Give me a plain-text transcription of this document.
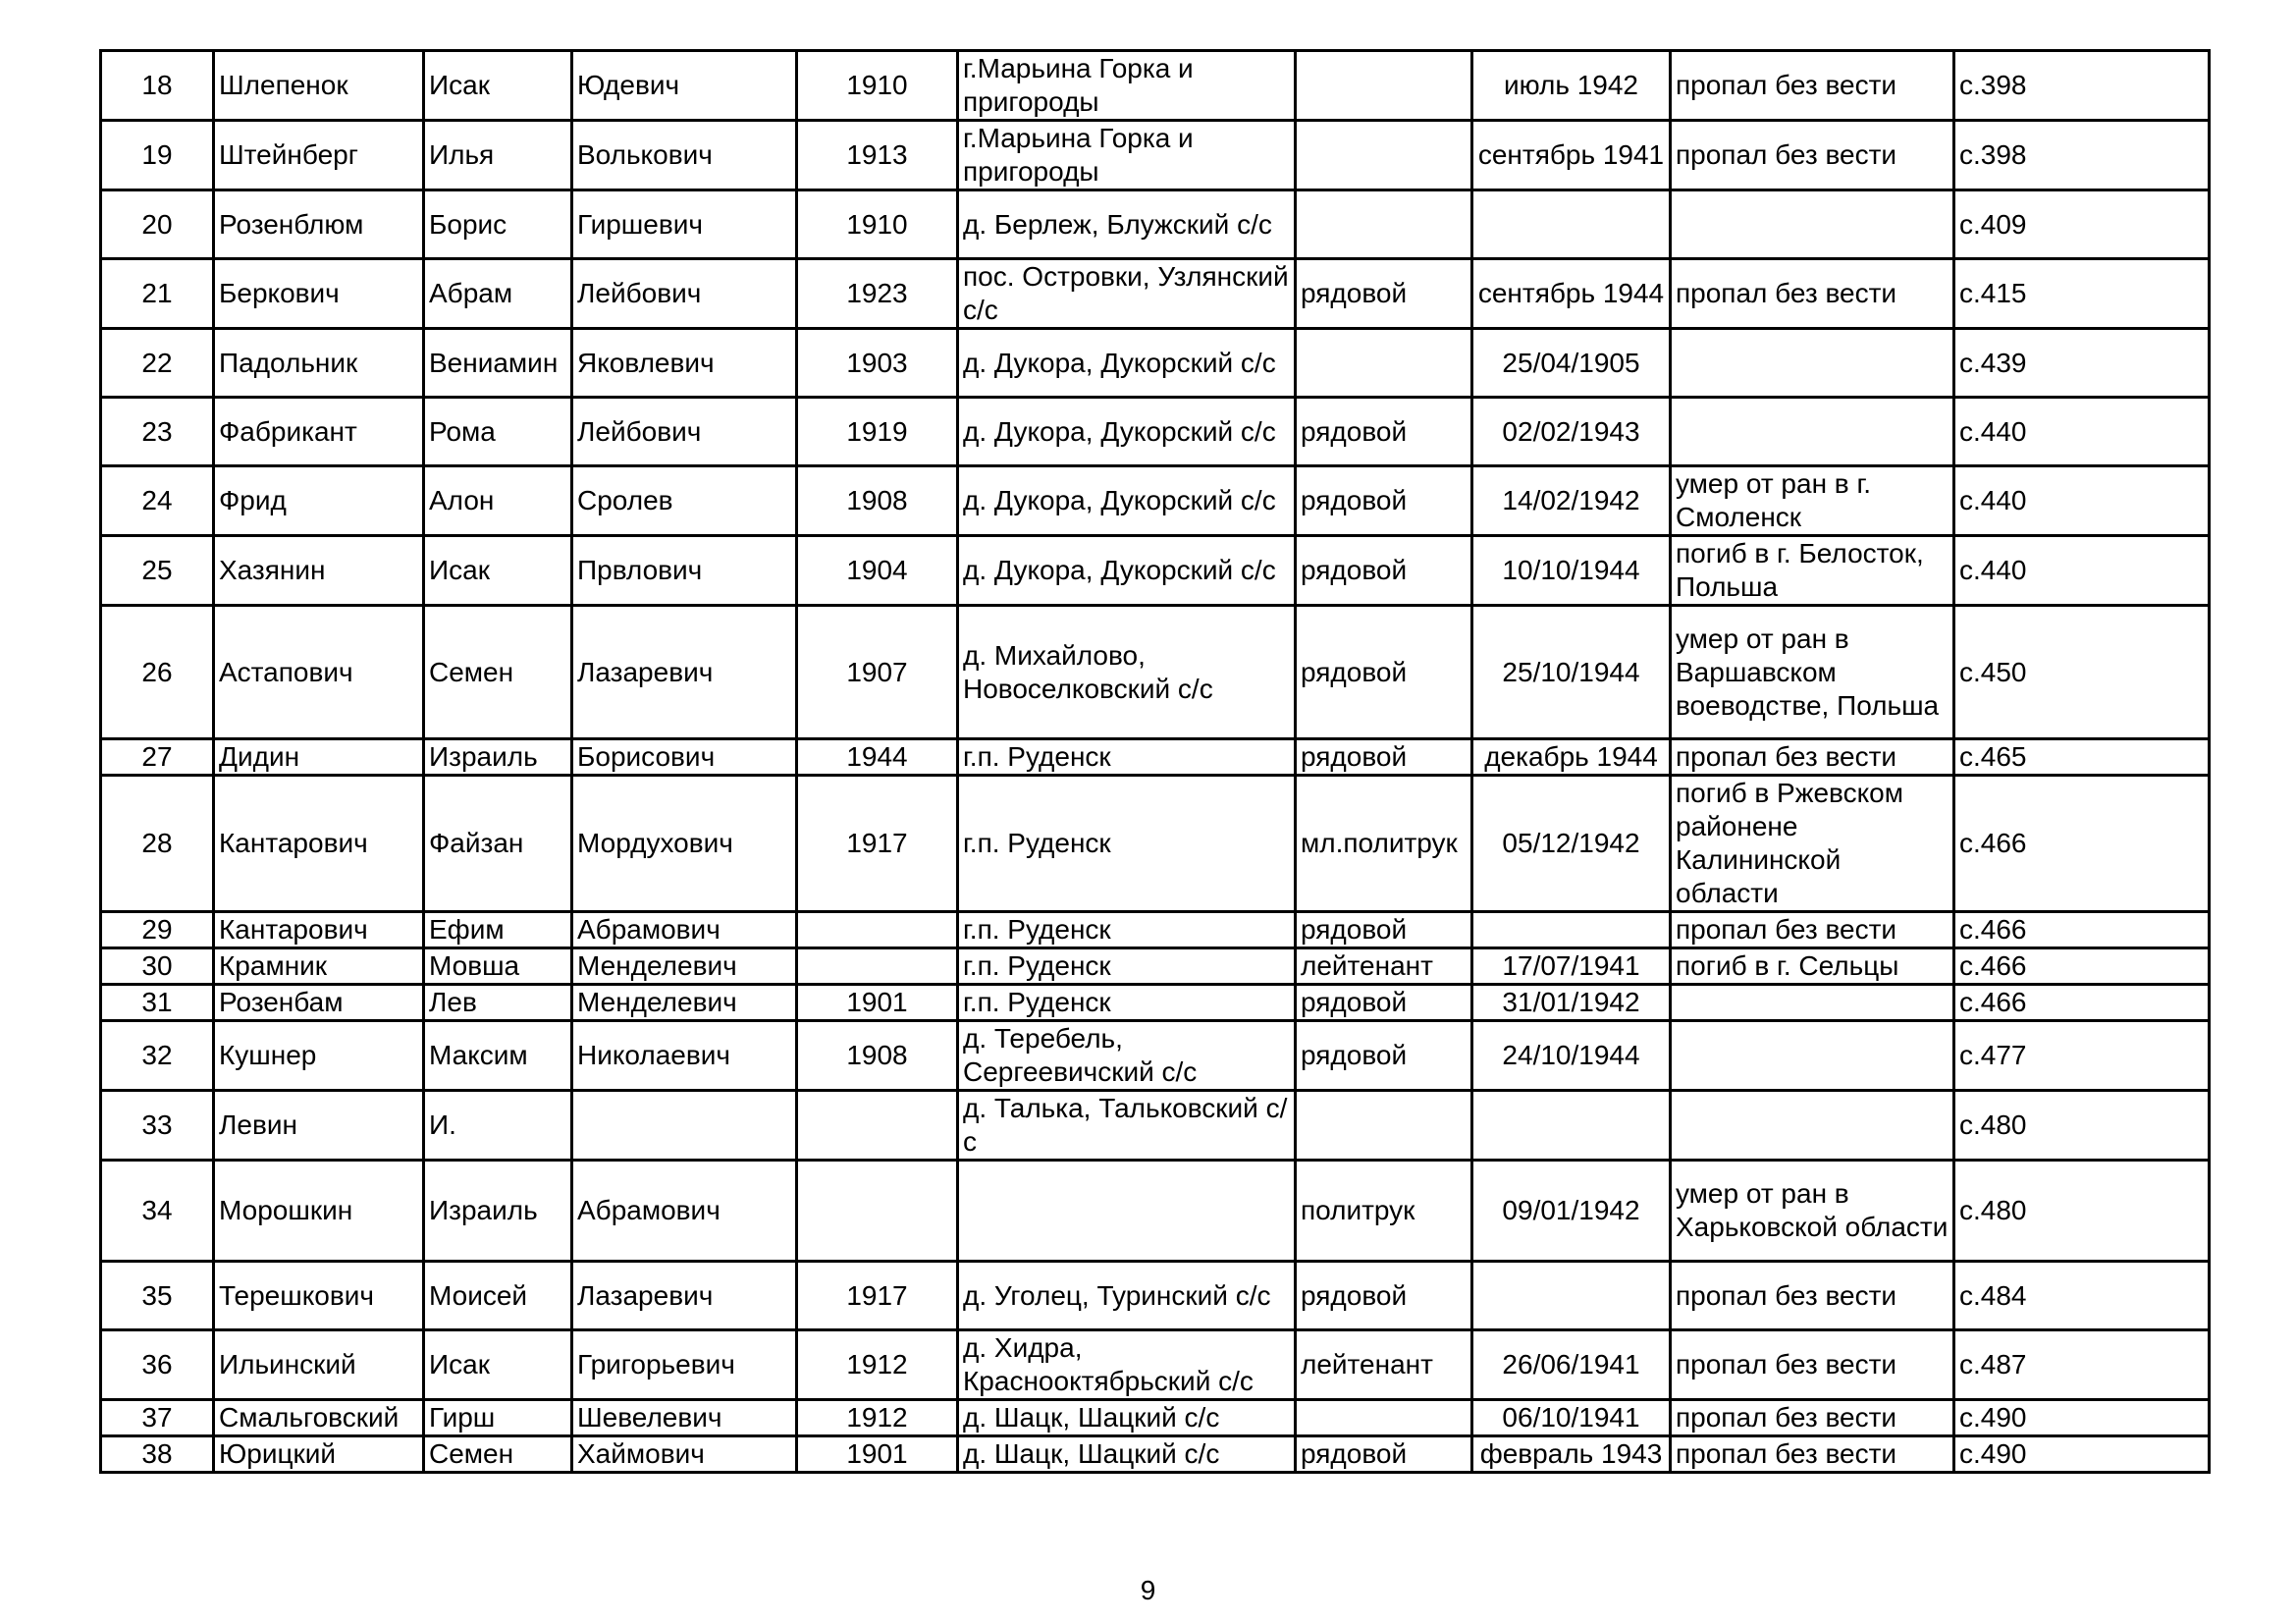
18	Шлепенок	Исак	Юдевич	1910	г.Марьина Горка и пригороды		июль 1942	пропал без вести	с.398
19	Штейнберг	Илья	Волькович	1913	г.Марьина Горка и пригороды		сентябрь 1941	пропал без вести	с.398
20	Розенблюм	Борис	Гиршевич	1910	д. Берлеж, Блужский с/с				с.409
21	Беркович	Абрам	Лейбович	1923	пос. Островки, Узлянский с/с	рядовой	сентябрь 1944	пропал без вести	с.415
22	Падольник	Вениамин	Яковлевич	1903	д. Дукора, Дукорский с/с		25/04/1905		с.439
23	Фабрикант	Рома	Лейбович	1919	д. Дукора, Дукорский с/с	рядовой	02/02/1943		с.440
24	Фрид	Алон	Сролев	1908	д. Дукора, Дукорский с/с	рядовой	14/02/1942	умер от ран в г. Смоленск	с.440
25	Хазянин	Исак	Првлович	1904	д. Дукора, Дукорский с/с	рядовой	10/10/1944	погиб в г. Белосток, Польша	с.440
26	Астапович	Семен	Лазаревич	1907	д. Михайлово, Новоселковский с/с	рядовой	25/10/1944	умер от ран в Варшавском воеводстве, Польша	с.450
27	Дидин	Израиль	Борисович	1944	г.п. Руденск	рядовой	декабрь 1944	пропал без вести	с.465
28	Кантарович	Файзан	Мордухович	1917	г.п. Руденск	мл.политрук	05/12/1942	погиб в Ржевском районене Калининской области	с.466
29	Кантарович	Ефим	Абрамович		г.п. Руденск	рядовой		пропал без вести	с.466
30	Крамник	Мовша	Менделевич		г.п. Руденск	лейтенант	17/07/1941	погиб в г. Сельцы	с.466
31	Розенбам	Лев	Менделевич	1901	г.п. Руденск	рядовой	31/01/1942		с.466
32	Кушнер	Максим	Николаевич	1908	д. Теребель, Сергеевичский с/с	рядовой	24/10/1944		с.477
33	Левин	И.			д. Талька, Тальковский с/с				с.480
34	Морошкин	Израиль	Абрамович			политрук	09/01/1942	умер от ран в Харьковской области	с.480
35	Терешкович	Моисей	Лазаревич	1917	д. Уголец, Туринский с/с	рядовой		пропал без вести	с.484
36	Ильинский	Исак	Григорьевич	1912	д. Хидра, Краснооктябрьский с/с	лейтенант	26/06/1941	пропал без вести	с.487
37	Смальговский	Гирш	Шевелевич	1912	д. Шацк, Шацкий с/с		06/10/1941	пропал без вести	с.490
38	Юрицкий	Семен	Хаймович	1901	д. Шацк, Шацкий с/с	рядовой	февраль 1943	пропал без вести	с.490
9
